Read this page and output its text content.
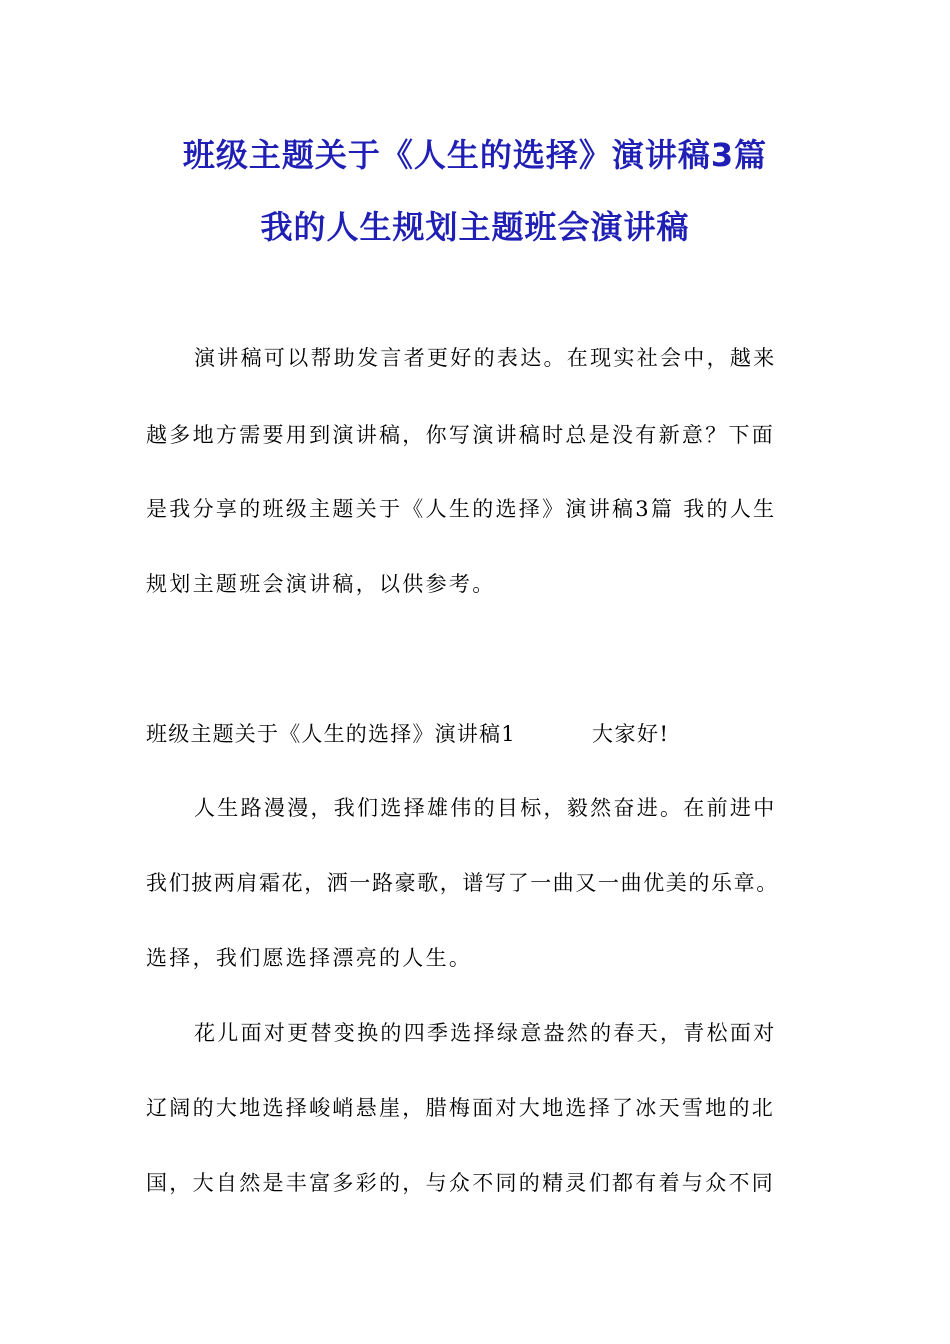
班级主题关于《人生的选择》演讲稿3篇
我的人生规划主题班会演讲稿
演讲稿可以帮助发言者更好的表达。在现实社会中，越来
越多地方需要用到演讲稿，你写演讲稿时总是没有新意？下面
是我分享的班级主题关于《人生的选择》演讲稿3篇 我的人生
规划主题班会演讲稿，以供参考。
班级主题关于《人生的选择》演讲稿1	大家好!
人生路漫漫，我们选择雄伟的目标，毅然奋进。在前进中
我们披两肩霜花，洒一路豪歌，谱写了一曲又一曲优美的乐章。
选择，我们愿选择漂亮的人生。
花儿面对更替变换的四季选择绿意盎然的春天，青松面对
辽阔的大地选择峻峭悬崖，腊梅面对大地选择了冰天雪地的北
国，大自然是丰富多彩的，与众不同的精灵们都有着与众不同
